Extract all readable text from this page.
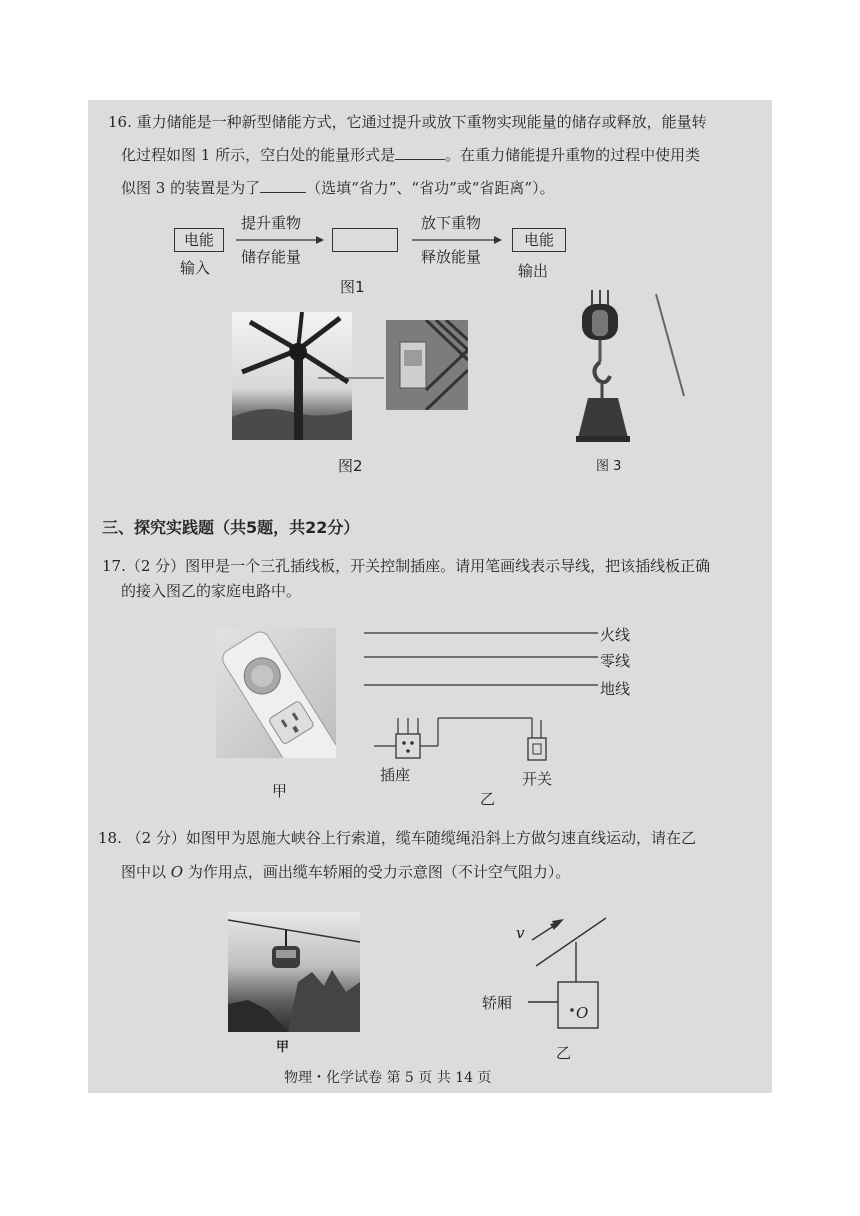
16. 重力储能是一种新型储能方式，它通过提升或放下重物实现能量的储存或释放，能量转
化过程如图 1 所示，空白处的能量形式是	。在重力储能提升重物的过程中使用类
似图 3 的装置是为了	（选填“省力”、“省功”或“省距离”）。
电能	电能
提升重物
储存能量
放下重物
释放能量
输入	输出
图1
图2	图 3
三、探究实践题（共5题，共22分）
17.（2 分）图甲是一个三孔插线板，开关控制插座。请用笔画线表示导线，把该插线板正确
的接入图乙的家庭电路中。
火线
零线
地线
插座	开关
甲	乙
18. （2 分）如图甲为恩施大峡谷上行索道，缆车随缆绳沿斜上方做匀速直线运动，请在乙
图中以 O 为作用点，画出缆车轿厢的受力示意图（不计空气阻力）。
甲
v
轿厢
O
乙
物理・化学试卷 第 5 页 共 14 页
